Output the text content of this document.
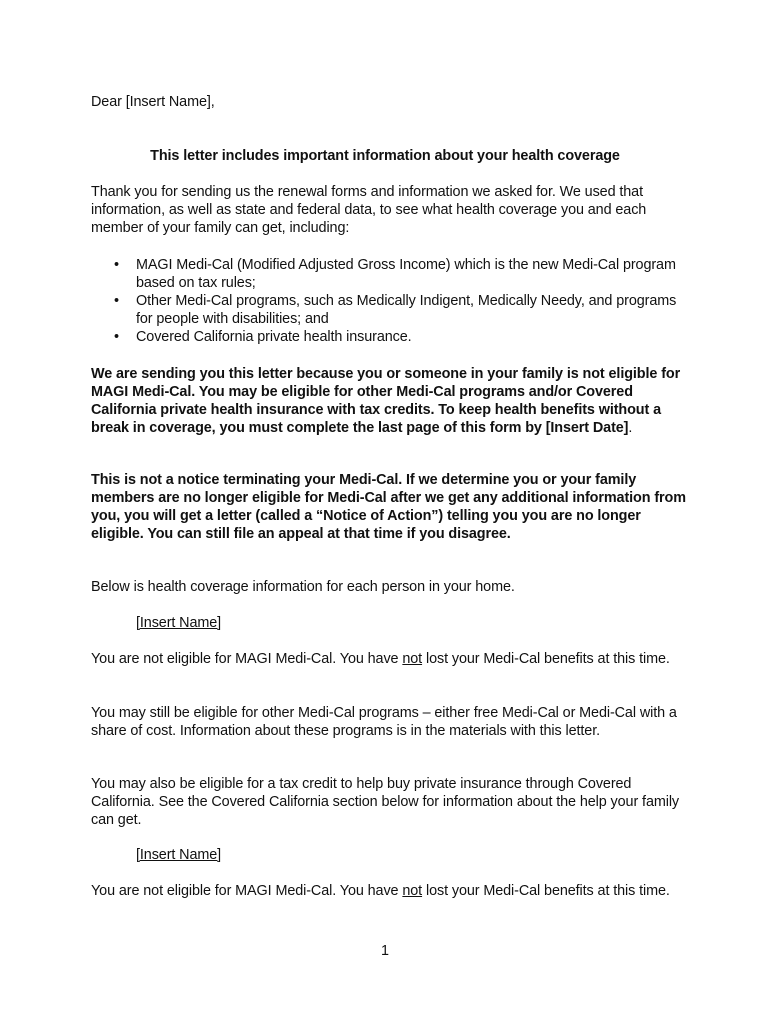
Dear [Insert Name],

This letter includes important information about your health coverage

Thank you for sending us the renewal forms and information we asked for. We used that information, as well as state and federal data, to see what health coverage you and each member of your family can get, including:

• MAGI Medi-Cal (Modified Adjusted Gross Income) which is the new Medi-Cal program based on tax rules;
• Other Medi-Cal programs, such as Medically Indigent, Medically Needy, and programs for people with disabilities; and
• Covered California private health insurance.

We are sending you this letter because you or someone in your family is not eligible for MAGI Medi-Cal. You may be eligible for other Medi-Cal programs and/or Covered California private health insurance with tax credits. To keep health benefits without a break in coverage, you must complete the last page of this form by [Insert Date].

This is not a notice terminating your Medi-Cal. If we determine you or your family members are no longer eligible for Medi-Cal after we get any additional information from you, you will get a letter (called a “Notice of Action”) telling you you are no longer eligible. You can still file an appeal at that time if you disagree.

Below is health coverage information for each person in your home.

[Insert Name]

You are not eligible for MAGI Medi-Cal. You have not lost your Medi-Cal benefits at this time.

You may still be eligible for other Medi-Cal programs – either free Medi-Cal or Medi-Cal with a share of cost. Information about these programs is in the materials with this letter.

You may also be eligible for a tax credit to help buy private insurance through Covered California. See the Covered California section below for information about the help your family can get.

[Insert Name]

You are not eligible for MAGI Medi-Cal. You have not lost your Medi-Cal benefits at this time.

1
